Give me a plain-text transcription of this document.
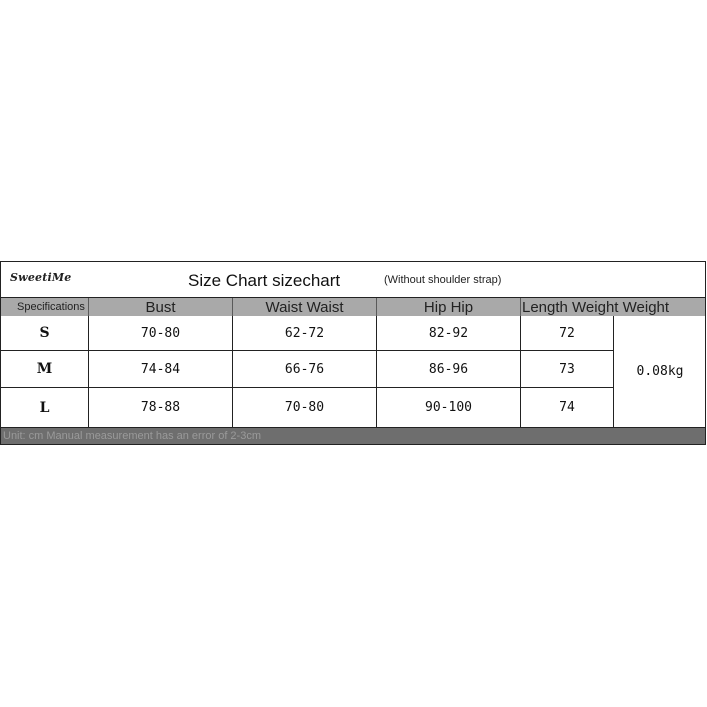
SweetiMe	Size Chart sizechart	(Without shoulder strap)
Specifications	Bust	Waist Waist	Hip Hip	Length Weight Weight
S	70-80	62-72	82-92	72
M	74-84	66-76	86-96	73
L	78-88	70-80	90-100	74
0.08kg
Unit: cm Manual measurement has an error of 2-3cm
